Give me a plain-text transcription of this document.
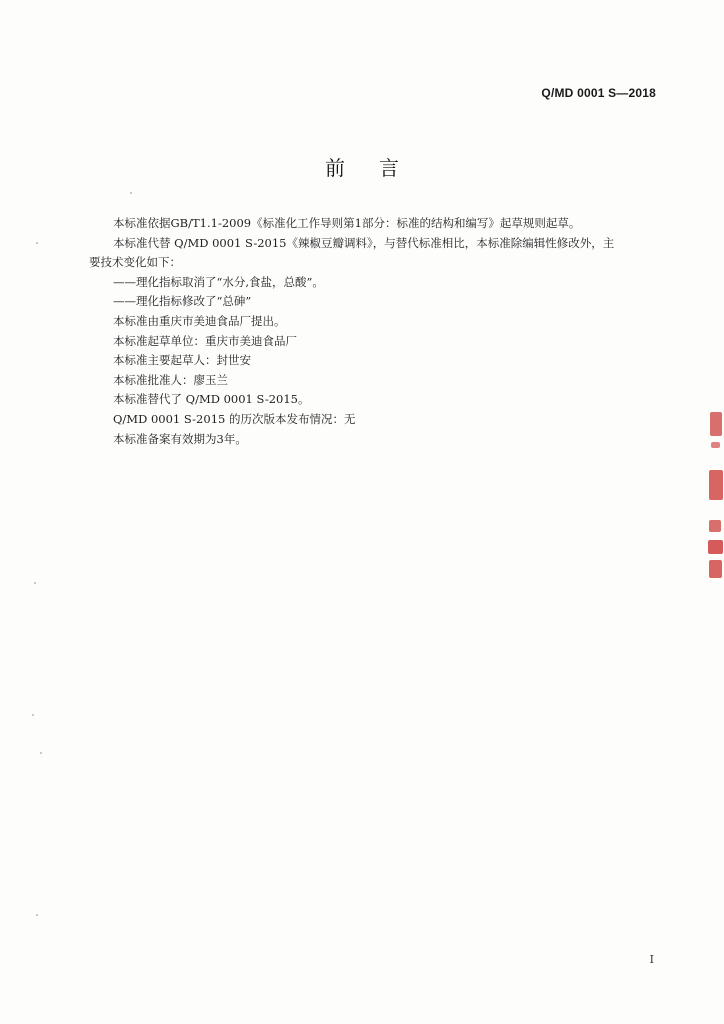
Q/MD 0001 S—2018
前言

本标准依据GB/T1.1-2009《标准化工作导则第1部分：标准的结构和编写》起草规则起草。

本标准代替 Q/MD 0001 S-2015《辣椒豆瓣调料》，与替代标准相比，本标准除编辑性修改外，主

要技术变化如下：

——理化指标取消了“水分,食盐，总酸”。

——理化指标修改了“总砷”

本标准由重庆市美迪食品厂提出。

本标准起草单位：重庆市美迪食品厂

本标准主要起草人：封世安

本标准批准人：廖玉兰

本标准替代了 Q/MD 0001 S-2015。

Q/MD 0001 S-2015 的历次版本发布情况：无

本标准备案有效期为3年。

I
